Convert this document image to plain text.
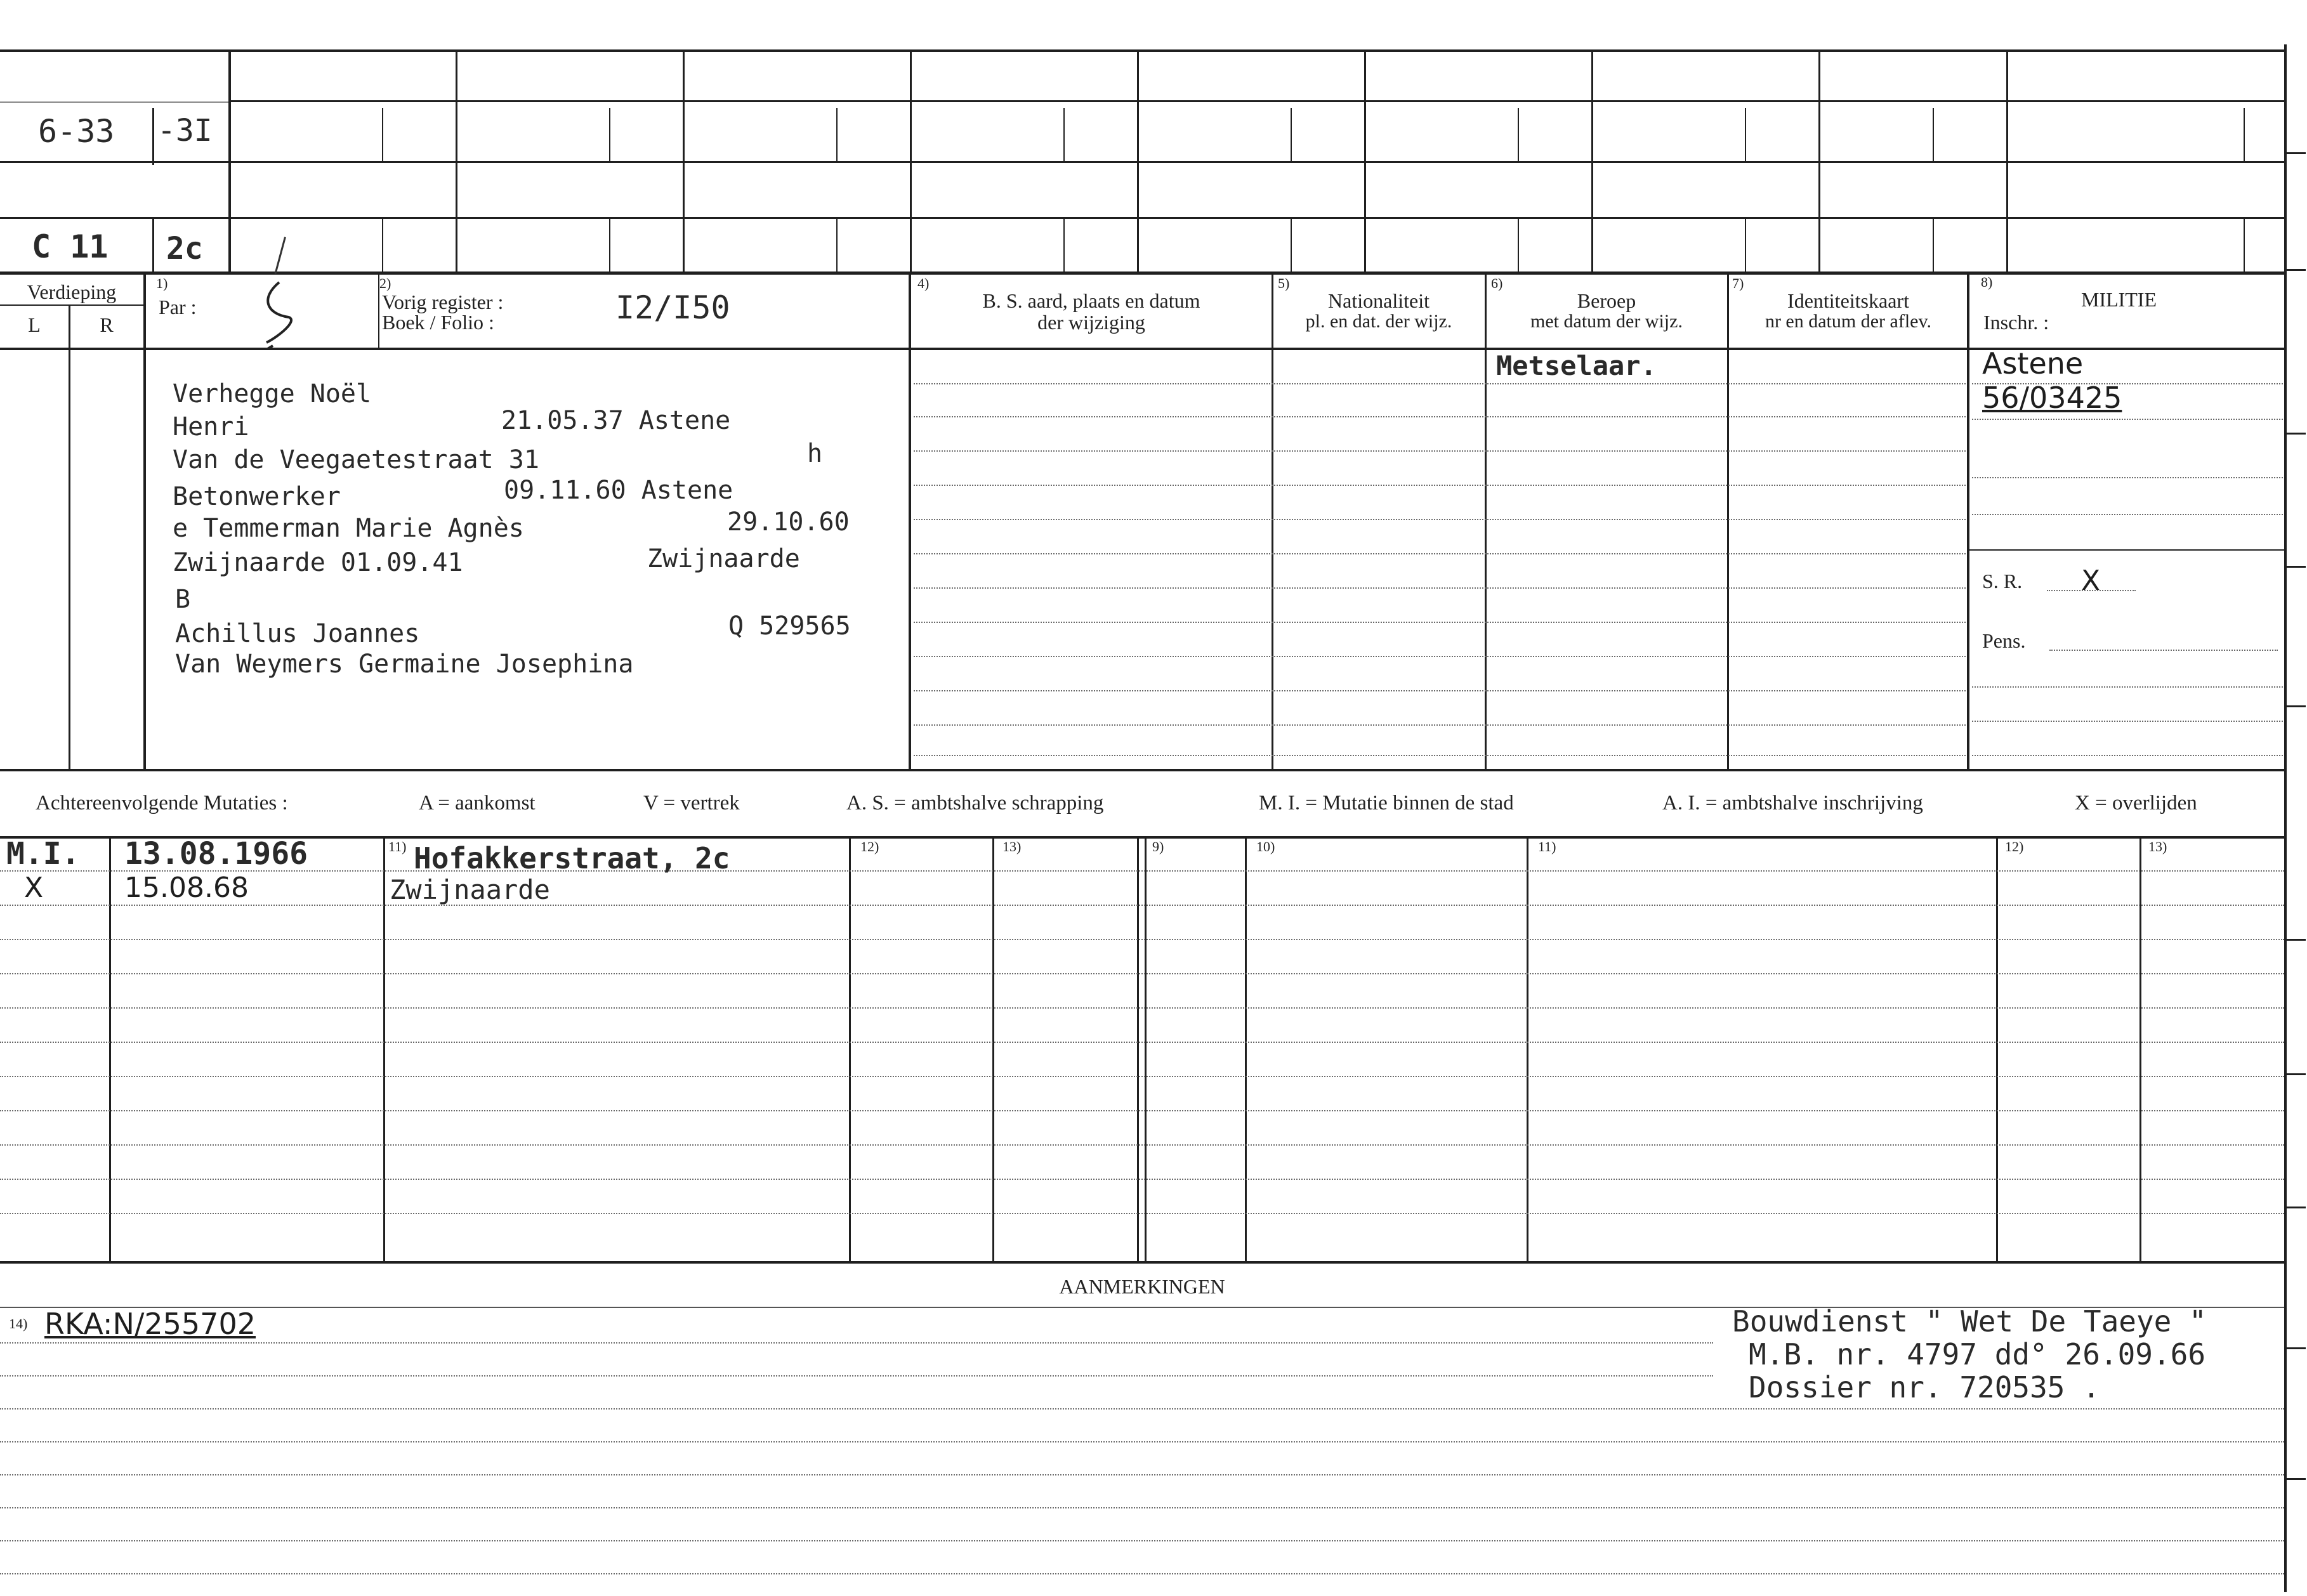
6-33 -3I
C 11 2c
Verdieping
L	R
1)
Par :
2)
Vorig register :
Boek / Folio :	I2/I50
4)
B. S. aard, plaats en datum
der wijziging
5)
Nationaliteit
pl. en dat. der wijz.
6)
Beroep
met datum der wijz.
7)
Identiteitskaart
nr en datum der aflev.
8)
MILITIE
Inschr. :
Verhegge Noël
Henri	21.05.37 Astene
Van de Veegaetestraat 31	h
Betonwerker	09.11.60 Astene
e Temmerman Marie Agnès	29.10.60
Zwijnaarde 01.09.41	Zwijnaarde
B
Achillus Joannes	Q 529565
Van Weymers Germaine Josephina
Metselaar.	Astene
56/03425
S. R. X
Pens.
Achtereenvolgende Mutaties :	A = aankomst	V = vertrek	A. S. = ambtshalve schrapping	M. I. = Mutatie binnen de stad	A. I. = ambtshalve inschrijving	X = overlijden
11)	12)	13)	9)	10)	11)	12)	13)
M.I. 13.08.1966	Hofakkerstraat, 2c
X	15.08.68	Zwijnaarde
AANMERKINGEN
14) RKA:N/255702	Bouwdienst " Wet De Taeye "
M.B. nr. 4797 dd° 26.09.66
Dossier nr. 720535 .
